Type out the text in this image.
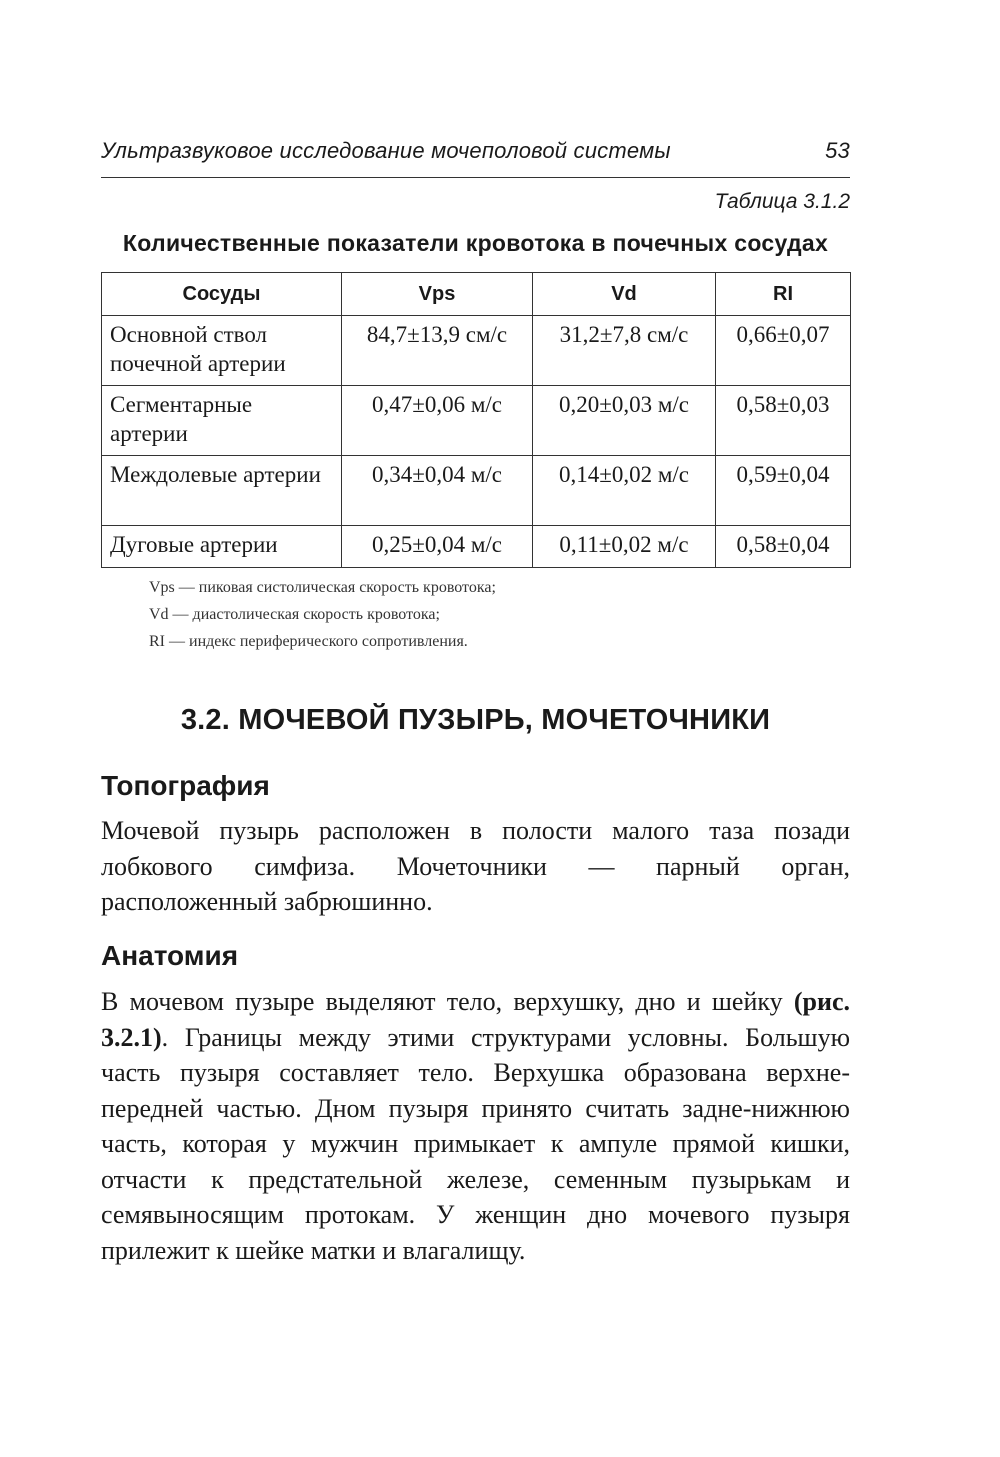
Ультразвуковое исследование мочеполовой системы	53
Таблица 3.1.2
Количественные показатели кровотока в почечных сосудах
Сосуды	Vps	Vd	RI
Основной ствол почечной артерии	84,7±13,9 см/с	31,2±7,8 см/с	0,66±0,07
Сегментарные артерии	0,47±0,06 м/с	0,20±0,03 м/с	0,58±0,03
Междолевые артерии	0,34±0,04 м/с	0,14±0,02 м/с	0,59±0,04
Дуговые артерии	0,25±0,04 м/с	0,11±0,02 м/с	0,58±0,04
Vps — пиковая систолическая скорость кровотока;
Vd — диастолическая скорость кровотока;
RI — индекс периферического сопротивления.
3.2. МОЧЕВОЙ ПУЗЫРЬ, МОЧЕТОЧНИКИ
Топография
Мочевой пузырь расположен в полости малого таза позади лобкового симфиза. Мочеточники — парный орган, расположенный забрюшинно.
Анатомия
В мочевом пузыре выделяют тело, верхушку, дно и шейку (рис. 3.2.1). Границы между этими структурами условны. Большую часть пузыря составляет тело. Верхушка образована верхне-передней частью. Дном пузыря принято считать задне-нижнюю часть, которая у мужчин примыкает к ампуле прямой кишки, отчасти к предстательной железе, семенным пузырькам и семявыносящим протокам. У женщин дно мочевого пузыря прилежит к шейке матки и влагалищу.
